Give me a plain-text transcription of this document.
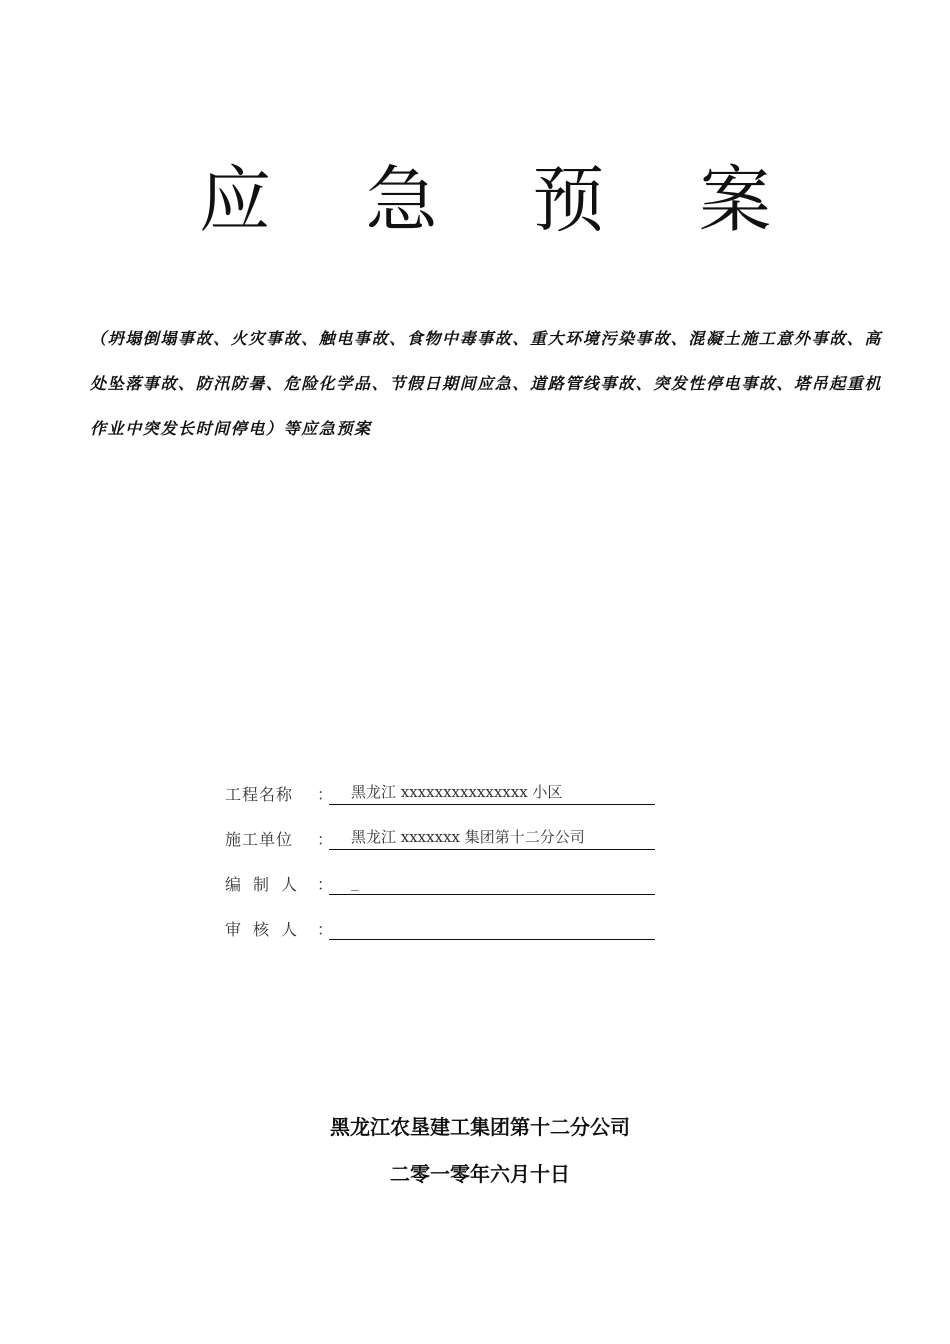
应 急 预 案
（坍塌倒塌事故、火灾事故、触电事故、食物中毒事故、重大环境污染事故、混凝土施工意外事故、高处坠落事故、防汛防暑、危险化学品、节假日期间应急、道路管线事故、突发性停电事故、塔吊起重机作业中突发长时间停电）等应急预案
工程名称	：	黑龙江 xxxxxxxxxxxxxxx 小区
施工单位	：	黑龙江 xxxxxxx 集团第十二分公司
编制人 ：	_
审核人 ：
黑龙江农垦建工集团第十二分公司
二零一零年六月十日
